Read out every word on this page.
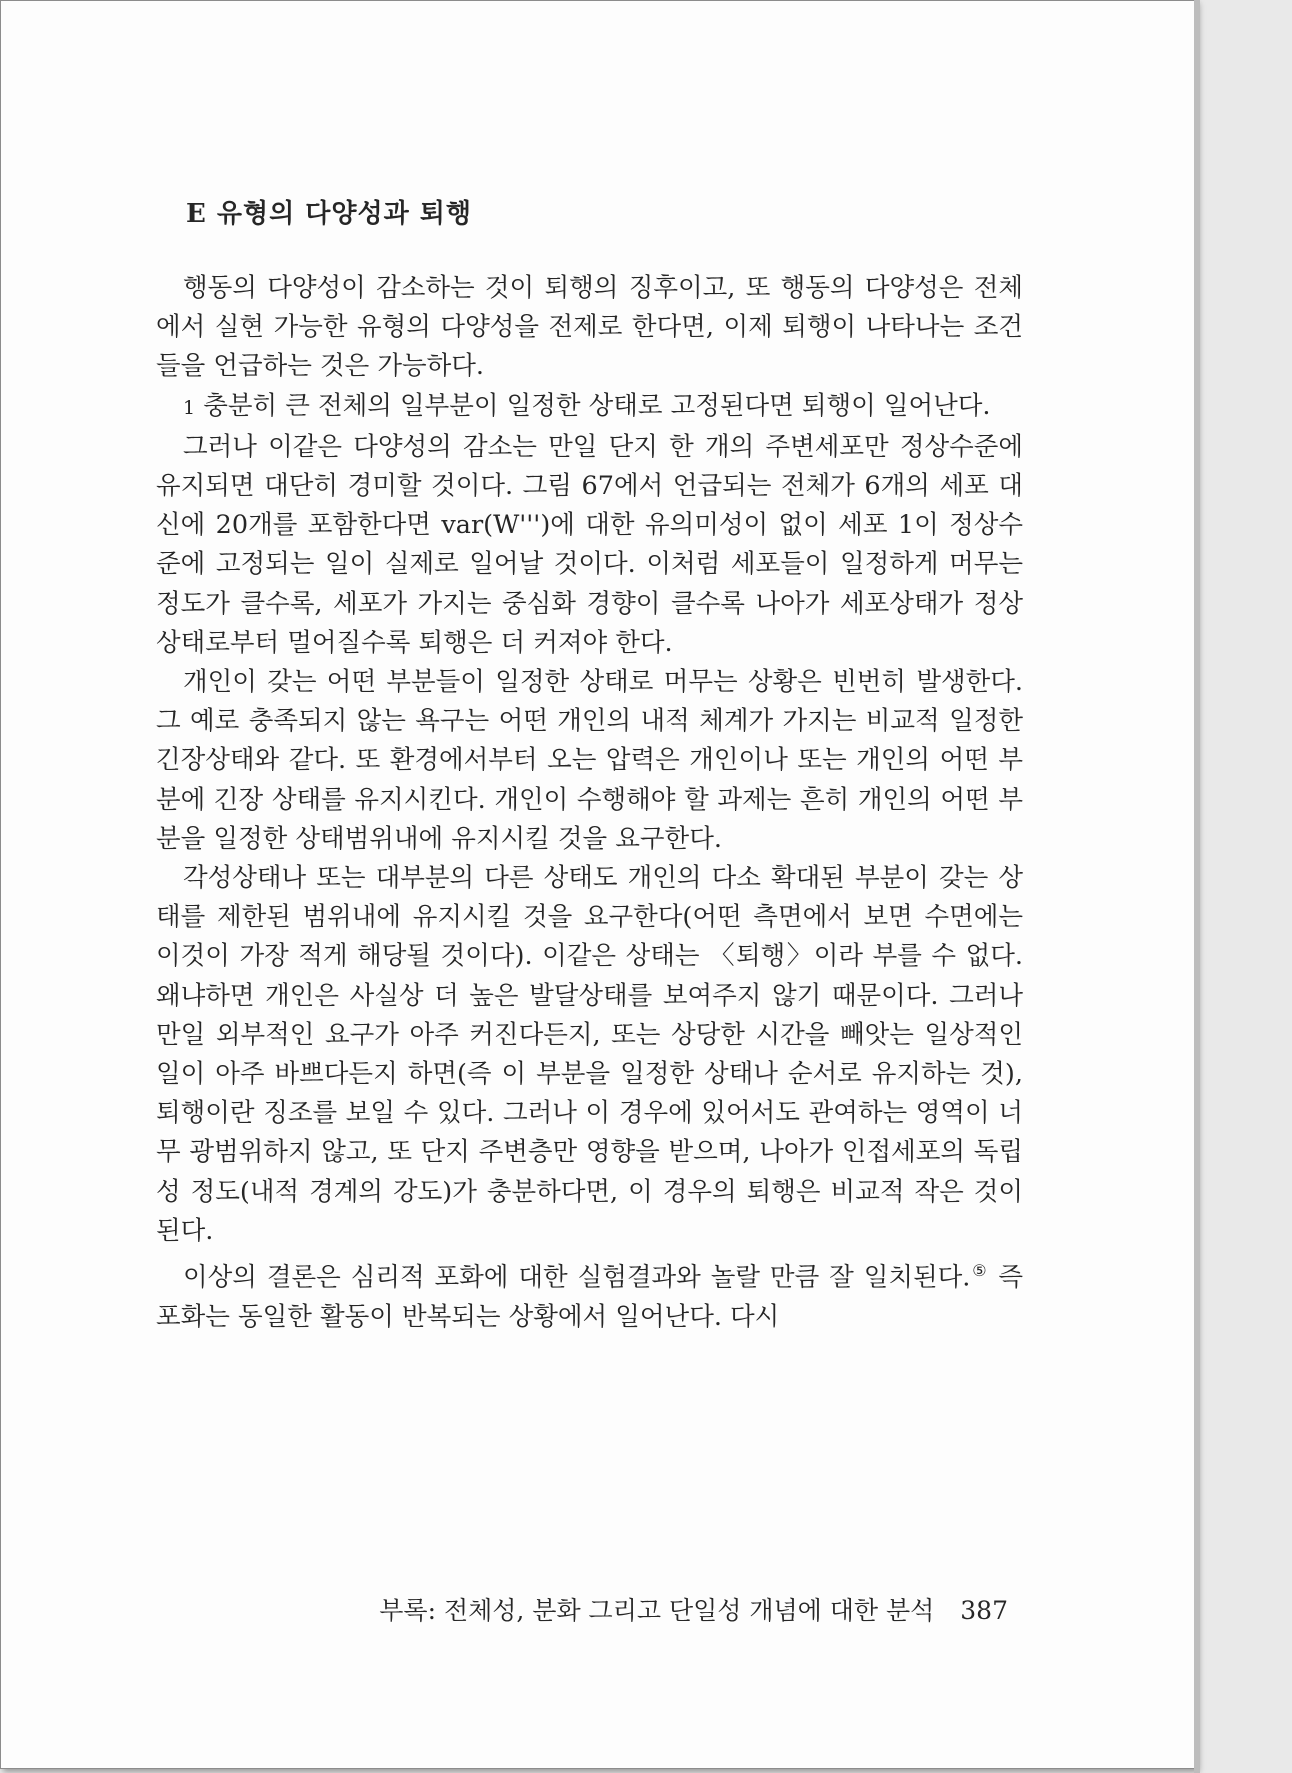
E 유형의 다양성과 퇴행

행동의 다양성이 감소하는 것이 퇴행의 징후이고, 또 행동의 다양성은 전체에서 실현 가능한 유형의 다양성을 전제로 한다면, 이제 퇴행이 나타나는 조건들을 언급하는 것은 가능하다.

1 충분히 큰 전체의 일부분이 일정한 상태로 고정된다면 퇴행이 일어난다.

그러나 이같은 다양성의 감소는 만일 단지 한 개의 주변세포만 정상수준에 유지되면 대단히 경미할 것이다. 그림 67에서 언급되는 전체가 6개의 세포 대신에 20개를 포함한다면 var(W''')에 대한 유의미성이 없이 세포 1이 정상수준에 고정되는 일이 실제로 일어날 것이다. 이처럼 세포들이 일정하게 머무는 정도가 클수록, 세포가 가지는 중심화 경향이 클수록 나아가 세포상태가 정상상태로부터 멀어질수록 퇴행은 더 커져야 한다.

개인이 갖는 어떤 부분들이 일정한 상태로 머무는 상황은 빈번히 발생한다. 그 예로 충족되지 않는 욕구는 어떤 개인의 내적 체계가 가지는 비교적 일정한 긴장상태와 같다. 또 환경에서부터 오는 압력은 개인이나 또는 개인의 어떤 부분에 긴장 상태를 유지시킨다. 개인이 수행해야 할 과제는 흔히 개인의 어떤 부분을 일정한 상태범위내에 유지시킬 것을 요구한다.

각성상태나 또는 대부분의 다른 상태도 개인의 다소 확대된 부분이 갖는 상태를 제한된 범위내에 유지시킬 것을 요구한다(어떤 측면에서 보면 수면에는 이것이 가장 적게 해당될 것이다). 이같은 상태는 〈퇴행〉이라 부를 수 없다. 왜냐하면 개인은 사실상 더 높은 발달상태를 보여주지 않기 때문이다. 그러나 만일 외부적인 요구가 아주 커진다든지, 또는 상당한 시간을 빼앗는 일상적인 일이 아주 바쁘다든지 하면(즉 이 부분을 일정한 상태나 순서로 유지하는 것), 퇴행이란 징조를 보일 수 있다. 그러나 이 경우에 있어서도 관여하는 영역이 너무 광범위하지 않고, 또 단지 주변층만 영향을 받으며, 나아가 인접세포의 독립성 정도(내적 경계의 강도)가 충분하다면, 이 경우의 퇴행은 비교적 작은 것이 된다.

이상의 결론은 심리적 포화에 대한 실험결과와 놀랄 만큼 잘 일치된다.⑤ 즉 포화는 동일한 활동이 반복되는 상황에서 일어난다. 다시

부록: 전체성, 분화 그리고 단일성 개념에 대한 분석 387
